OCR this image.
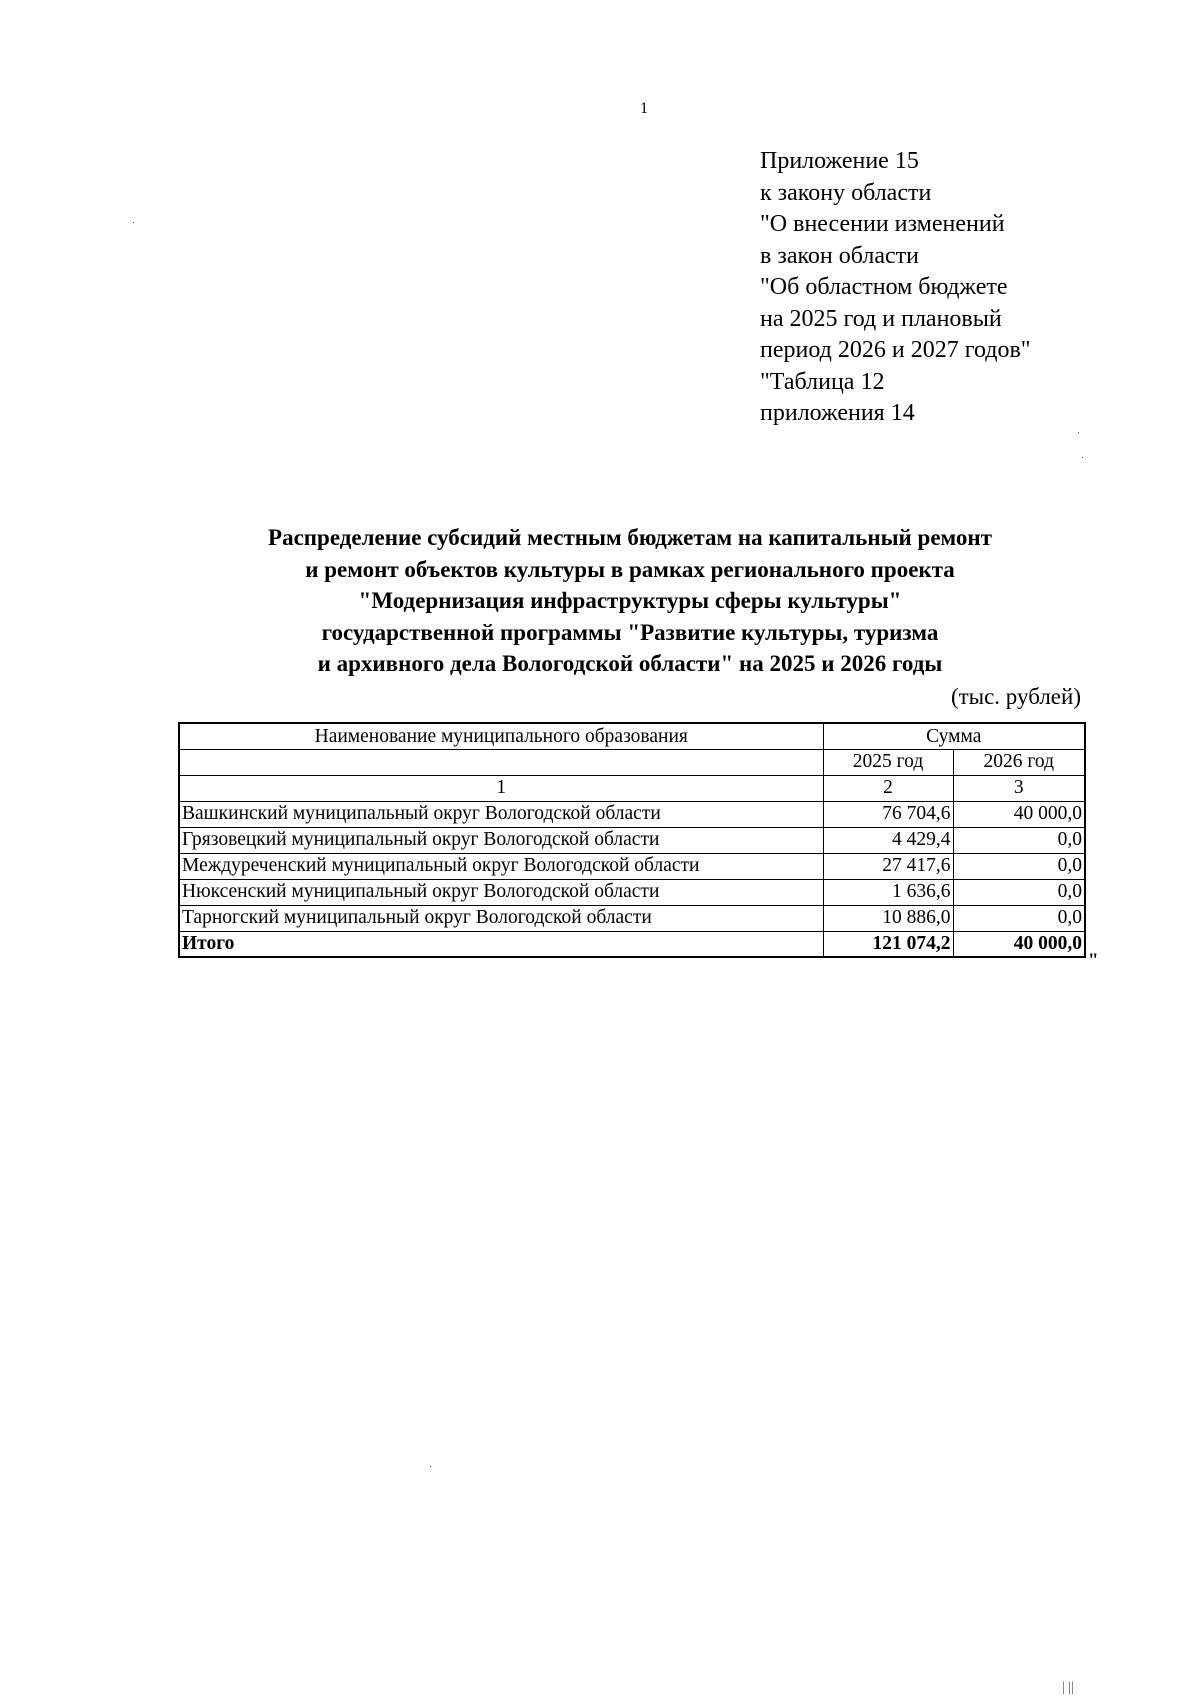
1
Приложение 15
к закону области
"О внесении изменений
в закон области
"Об областном бюджете
на 2025 год и плановый
период 2026 и 2027 годов"
"Таблица 12
приложения 14
Распределение субсидий местным бюджетам на капитальный ремонт
и ремонт объектов культуры в рамках регионального проекта
"Модернизация инфраструктуры сферы культуры"
государственной программы "Развитие культуры, туризма
и архивного дела Вологодской области" на 2025 и 2026 годы
(тыс. рублей)
Наименование муниципального образования	Сумма	
	2025 год	2026 год
1	2	3
Вашкинский муниципальный округ Вологодской области	76 704,6	40 000,0
Грязовецкий муниципальный округ Вологодской области	4 429,4	0,0
Междуреченский муниципальный округ Вологодской области	27 417,6	0,0
Нюксенский муниципальный округ Вологодской области	1 636,6	0,0
Тарногский муниципальный округ Вологодской области	10 886,0	0,0
Итого	121 074,2	40 000,0
"
| ||
